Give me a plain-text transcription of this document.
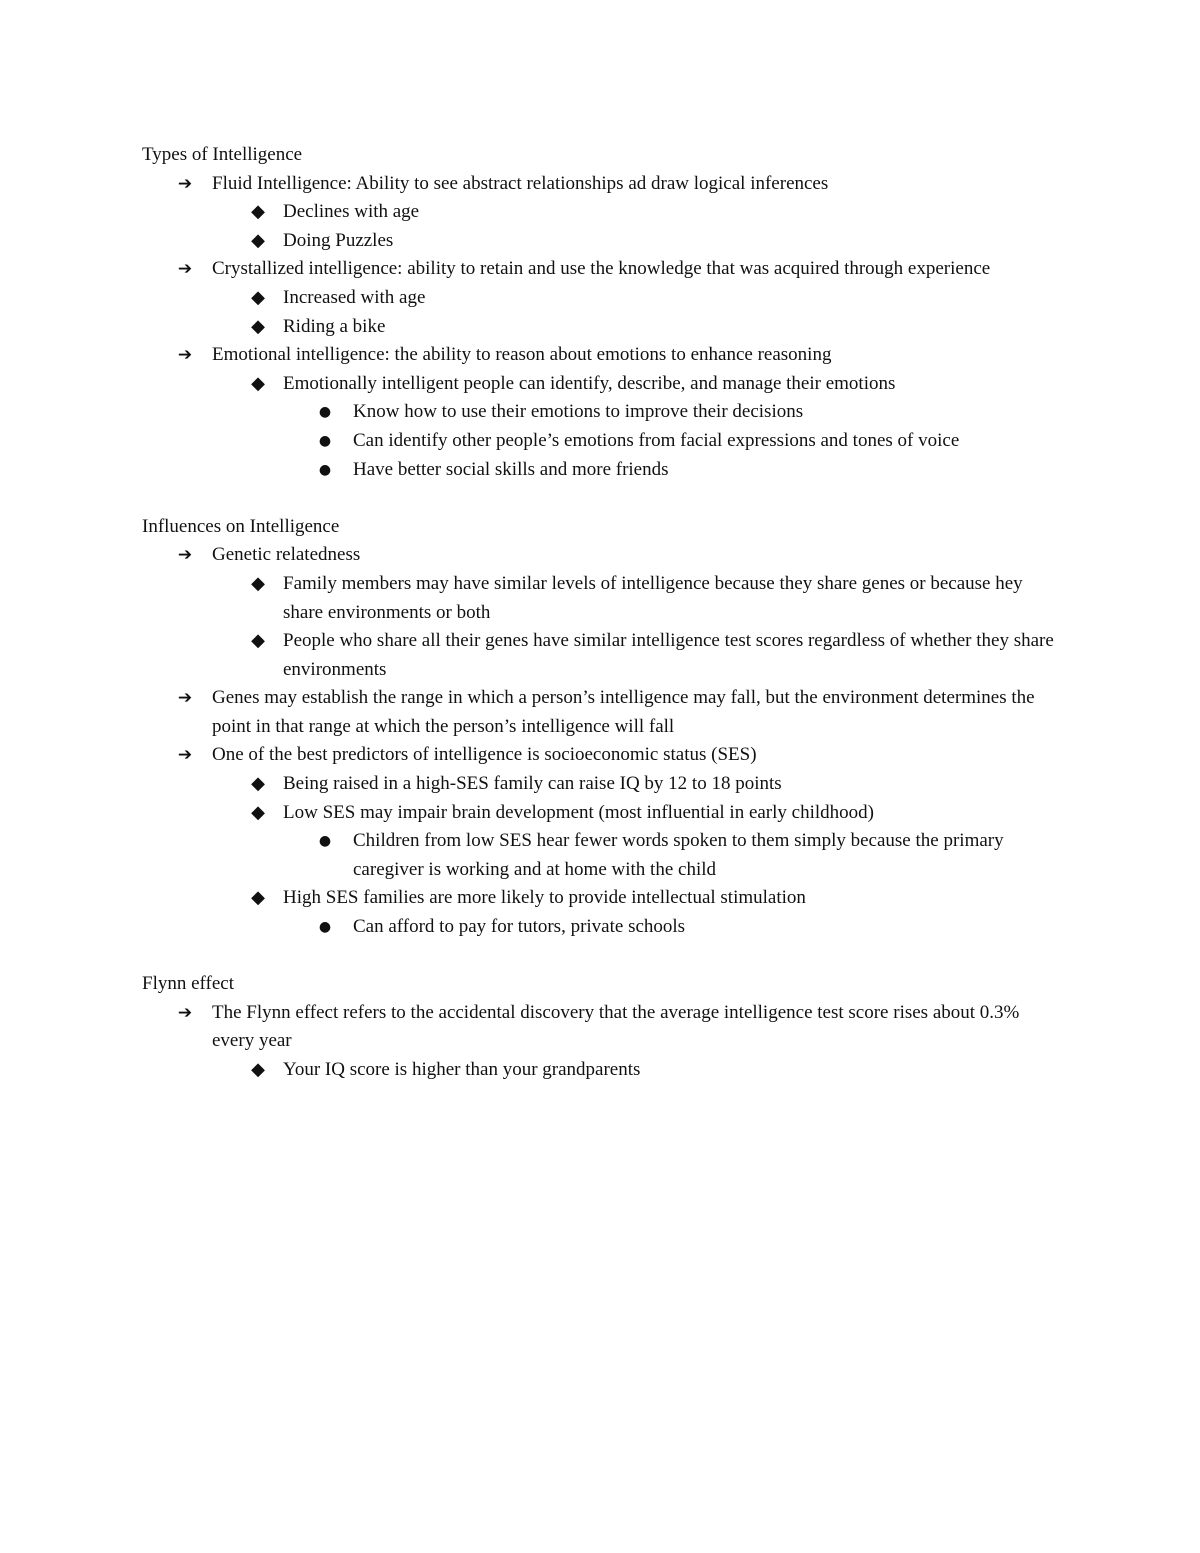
Types of Intelligence

➔	Fluid Intelligence: Ability to see abstract relationships ad draw logical inferences
◆ Declines with age
◆ Doing Puzzles
➔	Crystallized intelligence: ability to retain and use the knowledge that was acquired through experience
◆ Increased with age
◆ Riding a bike
➔	Emotional intelligence: the ability to reason about emotions to enhance reasoning
◆ Emotionally intelligent people can identify, describe, and manage their emotions
● Know how to use their emotions to improve their decisions
● Can identify other people’s emotions from facial expressions and tones of voice
● Have better social skills and more friends

Influences on Intelligence

➔	Genetic relatedness
◆ Family members may have similar levels of intelligence because they share genes or because hey share environments or both
◆ People who share all their genes have similar intelligence test scores regardless of whether they share environments
➔	Genes may establish the range in which a person’s intelligence may fall, but the environment determines the point in that range at which the person’s intelligence will fall
➔	One of the best predictors of intelligence is socioeconomic status (SES)
◆ Being raised in a high-SES family can raise IQ by 12 to 18 points
◆ Low SES may impair brain development (most influential in early childhood)
● Children from low SES hear fewer words spoken to them simply because the primary caregiver is working and at home with the child
◆ High SES families are more likely to provide intellectual stimulation
● Can afford to pay for tutors, private schools

Flynn effect

➔	The Flynn effect refers to the accidental discovery that the average intelligence test score rises about 0.3% every year
◆ Your IQ score is higher than your grandparents
